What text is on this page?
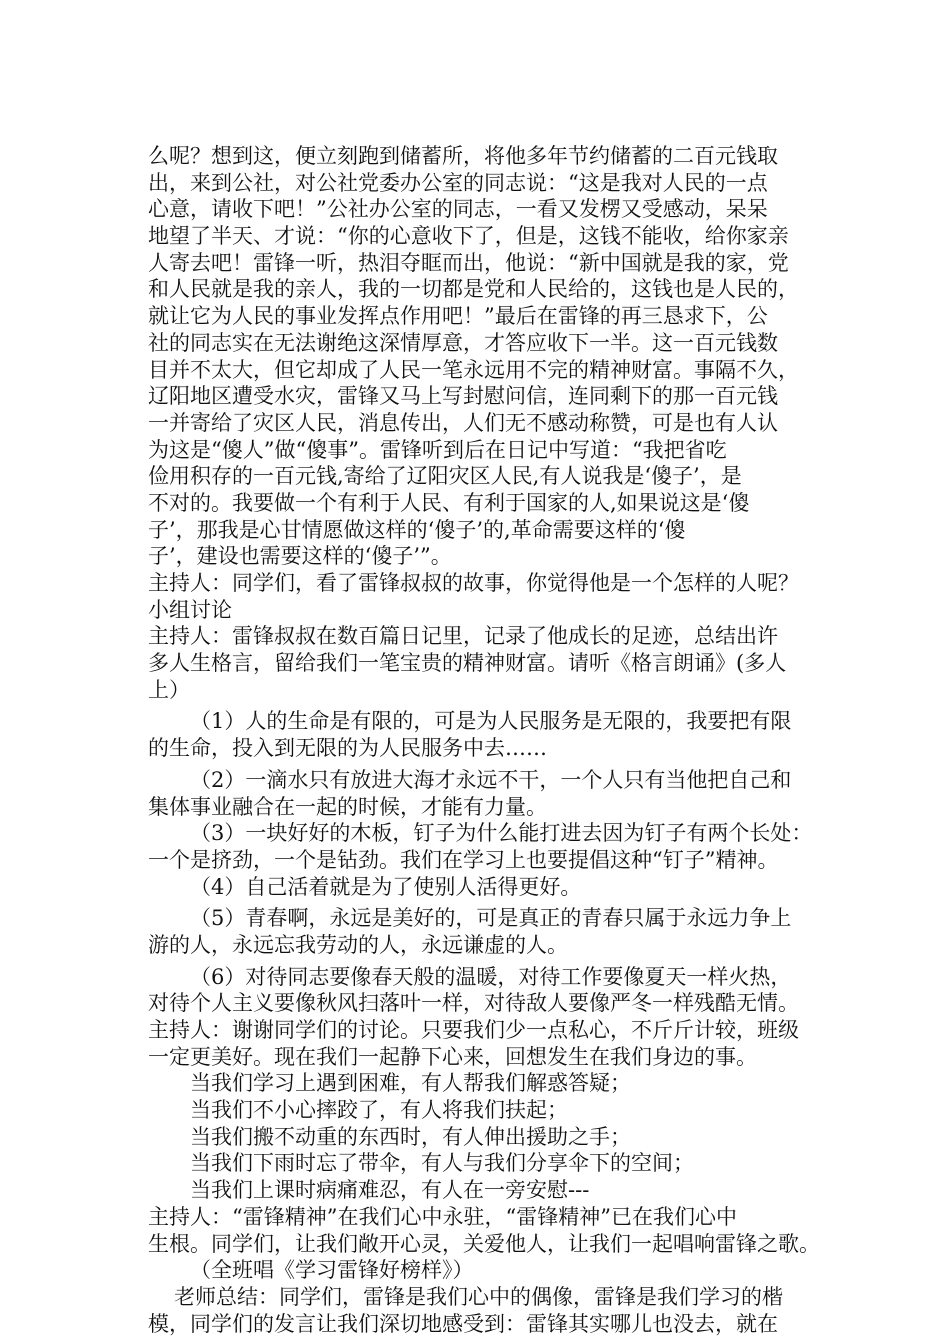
么呢？想到这，便立刻跑到储蓄所，将他多年节约储蓄的二百元钱取
出，来到公社，对公社党委办公室的同志说：“这是我对人民的一点
心意，请收下吧！”公社办公室的同志，一看又发楞又受感动，呆呆
地望了半天、才说：“你的心意收下了，但是，这钱不能收，给你家亲
人寄去吧！雷锋一听，热泪夺眶而出，他说：“新中国就是我的家，党
和人民就是我的亲人，我的一切都是党和人民给的，这钱也是人民的，
就让它为人民的事业发挥点作用吧！”最后在雷锋的再三恳求下，公
社的同志实在无法谢绝这深情厚意，才答应收下一半。这一百元钱数
目并不太大，但它却成了人民一笔永远用不完的精神财富。事隔不久，
辽阳地区遭受水灾，雷锋又马上写封慰问信，连同剩下的那一百元钱
一并寄给了灾区人民，消息传出，人们无不感动称赞，可是也有人认
为这是“傻人”做“傻事”。雷锋听到后在日记中写道：“我把省吃
俭用积存的一百元钱,寄给了辽阳灾区人民,有人说我是‘傻子’，是
不对的。我要做一个有利于人民、有利于国家的人,如果说这是‘傻
子’，那我是心甘情愿做这样的‘傻子’的,革命需要这样的‘傻
子’，建设也需要这样的‘傻子’”。
主持人：同学们，看了雷锋叔叔的故事，你觉得他是一个怎样的人呢？
小组讨论
主持人：雷锋叔叔在数百篇日记里，记录了他成长的足迹，总结出许
多人生格言，留给我们一笔宝贵的精神财富。请听《格言朗诵》(多人
上）
（1）人的生命是有限的，可是为人民服务是无限的，我要把有限
的生命，投入到无限的为人民服务中去……
（2）一滴水只有放进大海才永远不干，一个人只有当他把自己和
集体事业融合在一起的时候，才能有力量。
（3）一块好好的木板，钉子为什么能打进去因为钉子有两个长处：
一个是挤劲，一个是钻劲。我们在学习上也要提倡这种“钉子”精神。
（4）自己活着就是为了使别人活得更好。
（5）青春啊，永远是美好的，可是真正的青春只属于永远力争上
游的人，永远忘我劳动的人，永远谦虚的人。
（6）对待同志要像春天般的温暖，对待工作要像夏天一样火热，
对待个人主义要像秋风扫落叶一样，对待敌人要像严冬一样残酷无情。
主持人：谢谢同学们的讨论。只要我们少一点私心，不斤斤计较，班级
一定更美好。现在我们一起静下心来，回想发生在我们身边的事。
当我们学习上遇到困难，有人帮我们解惑答疑；
当我们不小心摔跤了，有人将我们扶起；
当我们搬不动重的东西时，有人伸出援助之手；
当我们下雨时忘了带伞，有人与我们分享伞下的空间；
当我们上课时病痛难忍，有人在一旁安慰---
主持人：“雷锋精神”在我们心中永驻，“雷锋精神”已在我们心中
生根。同学们，让我们敞开心灵，关爱他人，让我们一起唱响雷锋之歌。
（全班唱《学习雷锋好榜样》）
老师总结：同学们，雷锋是我们心中的偶像，雷锋是我们学习的楷
模，同学们的发言让我们深切地感受到：雷锋其实哪儿也没去，就在
